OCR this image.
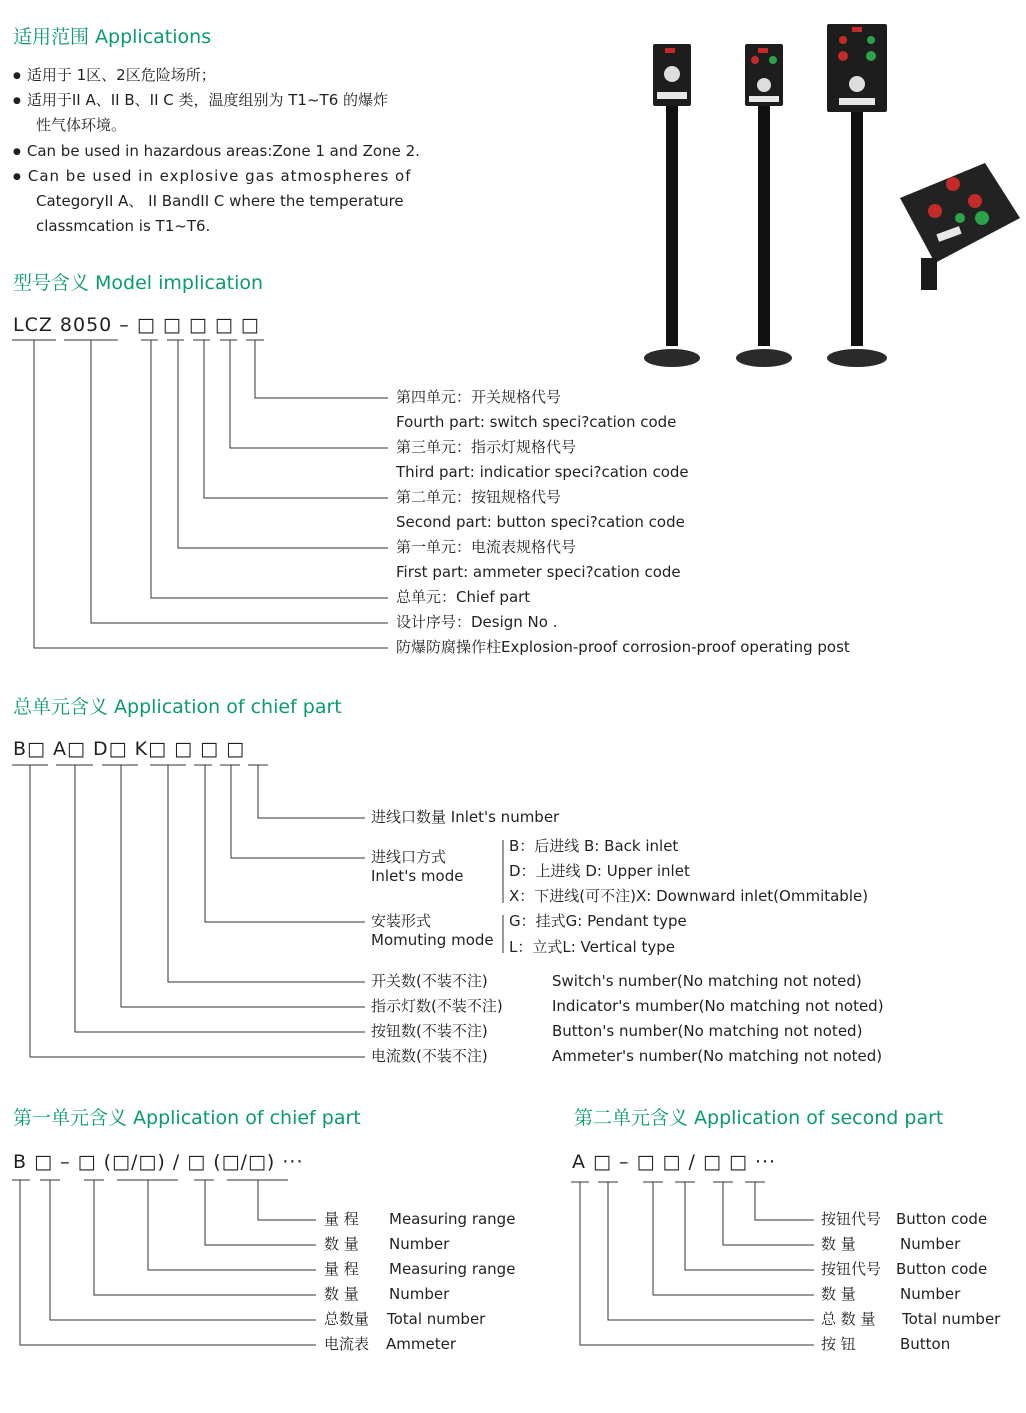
适用范围 Applications
● 适用于 1区、2区危险场所；
● 适用于II A、II B、II C 类，温度组别为 T1~T6 的爆炸
性气体环境。
● Can be used in hazardous areas:Zone 1 and Zone 2.
● Can be used in explosive gas atmospheres of
CategoryII A、 II BandII C where the temperature
classmcation is T1~T6.
型号含义 Model implication
LCZ 8050 – □ □ □ □ □
第四单元：开关规格代号
Fourth part: switch speci?cation code
第三单元：指示灯规格代号
Third part: indicatior speci?cation code
第二单元：按钮规格代号
Second part: button speci?cation code
第一单元：电流表规格代号
First part: ammeter speci?cation code
总单元：Chief part
设计序号：Design No .
防爆防腐操作柱Explosion-proof corrosion-proof operating post
总单元含义 Application of chief part
B□ A□ D□ K□ □ □ □
进线口数量 Inlet's number
进线口方式
Inlet's mode
B：后进线 B: Back inlet
D：上进线 D: Upper inlet
X：下进线(可不注)X: Downward inlet(Ommitable)
安装形式
Momuting mode
G：挂式G: Pendant type
L：立式L: Vertical type
开关数(不装不注)
指示灯数(不装不注)
按钮数(不装不注)
电流数(不装不注)
Switch's number(No matching not noted)
Indicator's mumber(No matching not noted)
Button's number(No matching not noted)
Ammeter's number(No matching not noted)
第一单元含义 Application of chief part
B □ – □ (□/□) / □ (□/□) ···
量 程
数 量
量 程
数 量
总数量
电流表
Measuring range
Number
Measuring range
Number
Total number
Ammeter
第二单元含义 Application of second part
A □ – □ □ / □ □ ···
按钮代号
数 量
按钮代号
数 量
总 数 量
按 钮
Button code
Number
Button code
Number
Total number
Button
